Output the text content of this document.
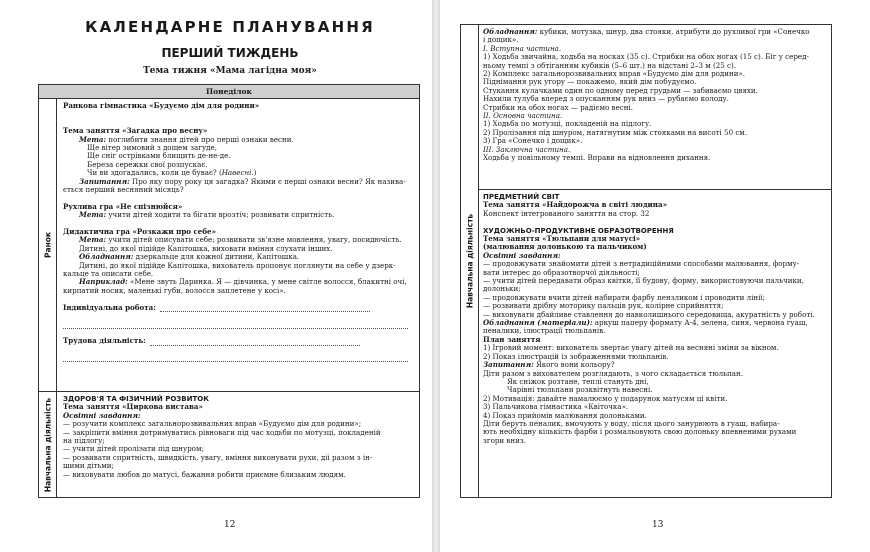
КАЛЕНДАРНЕ ПЛАНУВАННЯ
ПЕРШИЙ ТИЖДЕНЬ
Тема тижня «Мама лагідна моя»
Понеділок
Ранок
Навчальна діяльність
Ранкова гімнастика «Будуємо дім для родини»
Тема заняття «Загадка про весну»
Мета: поглибити знання дітей про перші ознаки весни.
Ще вітер зимовий з дощем загуде,
Ще сніг острівками блищить де-не-де.
Береза сережки свої розпускає.
Чи ви здогадались, коли це буває? (Навесні.)
Запитання: Про яку пору року ця загадка? Якими є перші ознаки весни? Як назива-
ється перший весняний місяць?
Рухлива гра «Не спізнюйся»
Мета: учити дітей ходити та бігати врозтіч; розвивати спритність.
Дидактична гра «Розкажи про себе»
Мета: учити дітей описувати себе; розвивати зв'язне мовлення, увагу, посидючість.
Дитині, до якої підійде Капітошка, виховати вміння слухати інших.
Обладнання: дзеркальце для кожної дитини, Капітошка.
Дитині, до якої підійде Капітошка, вихователь пропонує поглянути на себе у дзерк-
кальце та описати себе.
Наприклад: «Мене звуть Даринка. Я — дівчинка, у мене світле волосся, блакитні очі,
кирпатий носик, маленькі губи, волосся заплетене у косі».
Індивідуальна робота:
Трудова діяльність:
ЗДОРОВ'Я ТА ФІЗИЧНИЙ РОЗВИТОК
Тема заняття «Циркова вистава»
Освітні завдання:
— розучити комплекс загальнорозвивальних вправ «Будуємо дім для родини»;
— закріпити вміння дотримуватись рівноваги під час ходьби по мотузці, покладеній
на підлогу;
— учити дітей проліэати під шнуром;
— розвивати спритність, швидкість, увагу, вміння виконувати рухи, діі разом з ін-
шими дітьми;
— виховувати любов до матусі, бажання робити приємне близьким людям.
12
Навчальна діяльність
Обладнання: кубики, мотузка, шнур, два стояки, атрибути до рухливої гри «Сонечко
і дощик».
І. Вступна частина.
1) Ходьба звичайна, ходьба на носках (35 с). Стрибки на обох ногах (15 с). Біг у серед-
ньому темпі з обтіганням кубиків (5–6 шт.) на відстані 2–3 м (25 с).
2) Комплекс загальнорозвивальних вправ «Будуємо дім для родини».
Піднімання рук угору — покажемо, який дім побудуємо.
Стукання кулачками один по одному перед грудьми — забиваємо цвяхи.
Нахили тулуба вперед з опусканням рук вниз — рубаємо колоду.
Стрибки на обох ногах — радіємо весні.
ІІ. Основна частина.
1) Ходьба по мотузці, покладеній на підлогу.
2) Проліэання під шнуром, натягнутим між стояками на висоті 50 см.
3) Гра «Сонечко і дощик».
ІІІ. Заключна частина.
Ходьба у повільному темпі. Вправи на відновлення дихання.
ПРЕДМЕТНИЙ СВІТ
Тема заняття «Найдорожча в світі людина»
Конспект інтегрованого заняття на стор. 32
ХУДОЖНЬО-ПРОДУКТИВНЕ ОБРАЗОТВОРЕННЯ
Тема заняття «Тюльпани для матусі»
(малювання долонькою та пальчиком)
Освітні завдання:
— продовжувати знайомити дітей з нетрадиційними способами малювання, форму-
вати інтерес до образотворчої діяльності;
— учити дітей передавати образ квітки, її будову, форму, використовуючи пальчики,
долоньки;
— продовжувати вчити дітей набирати фарбу пензликом і проводити лінії;
— розвивати дрібну моторику пальців рук, колірне сприйняття;
— виховувати дбайливе ставлення до навколишнього середовища, акуратність у роботі.
Обладнання (матеріали): аркуш паперу формату А-4, зелена, синя, червона гуаш,
пеналики, ілюстрації тюльпанів.
План заняття
1) Ігровий момент: вихователь звертає увагу дітей на весняні зміни за вікном.
2) Показ ілюстрацій із зображеннями тюльпанів.
Запитання: Якого вони кольору?
Діти разом з вихователем розглядають, з чого складається тюльпан.
Як сніжок розтане, теплі стануть дні,
Чарівні тюльпани розквітнуть навесні.
2) Мотивація: давайте намалюємо у подарунок матусям ці квіти.
3) Пальчикова гімнастика «Квіточка».
4) Показ прийомів малювання долоньками.
Діти беруть пеналик, вмочують у воду, після цього занурюють в гуаш, набира-
ють необхідну кількість фарби і розмальовують свою долоньку впевненими рухами
згори вниз.
13
